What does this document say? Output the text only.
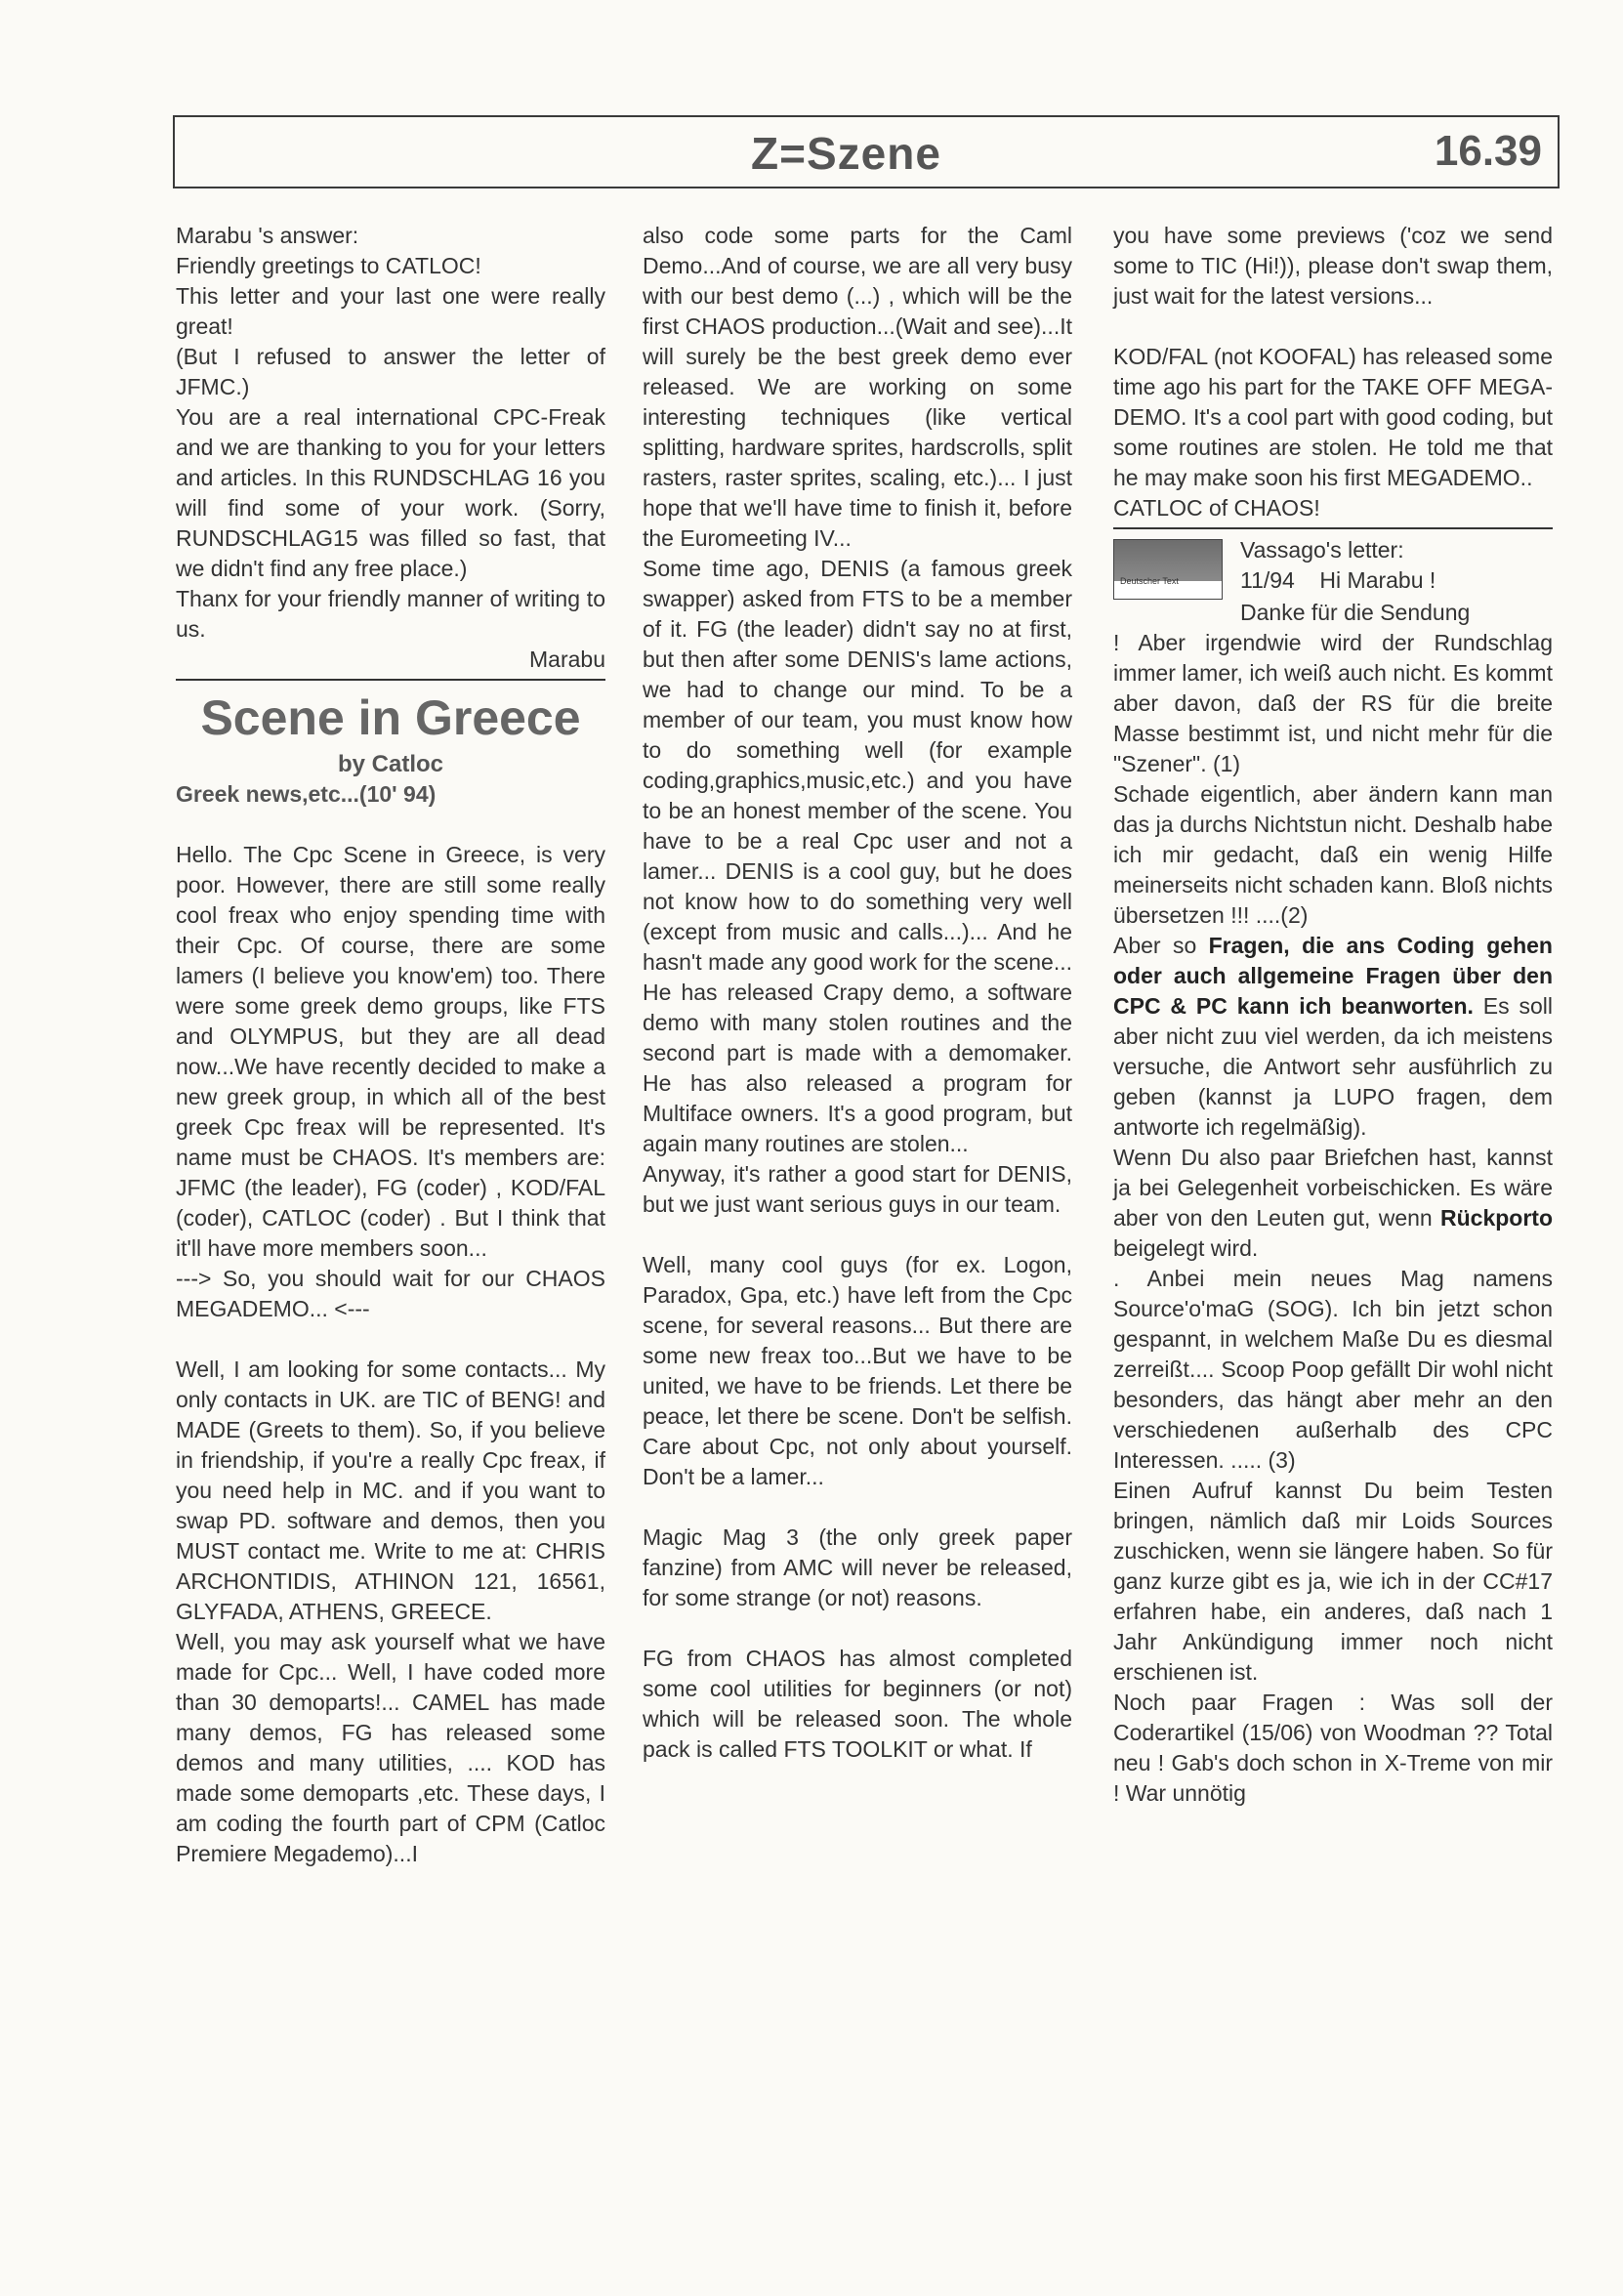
Z=Szene	16.39

Marabu 's answer:
Friendly greetings to CATLOC!
This letter and your last one were really great!
(But I refused to answer the letter of JFMC.)
You are a real international CPC-Freak and we are thanking to you for your letters and articles. In this RUNDSCHLAG 16 you will find some of your work. (Sorry, RUNDSCHLAG15 was filled so fast, that we didn't find any free place.)
Thanx for your friendly manner of writing to us.

Marabu

Scene in Greece
by Catloc
Greek news,etc...(10' 94)

Hello. The Cpc Scene in Greece, is very poor. However, there are still some really cool freax who enjoy spending time with their Cpc. Of course, there are some lamers (I believe you know'em) too. There were some greek demo groups, like FTS and OLYMPUS, but they are all dead now...We have recently decided to make a new greek group, in which all of the best greek Cpc freax will be represented. It's name must be CHAOS. It's members are: JFMC (the leader), FG (coder) , KOD/FAL (coder), CATLOC (coder) . But I think that it'll have more members soon...

---> So, you should wait for our CHAOS MEGADEMO... <---

Well, I am looking for some contacts... My only contacts in UK. are TIC of BENG! and MADE (Greets to them). So, if you believe in friendship, if you're a really Cpc freax, if you need help in MC. and if you want to swap PD. software and demos, then you MUST contact me. Write to me at: CHRIS ARCHONTIDIS, ATHINON 121, 16561, GLYFADA, ATHENS, GREECE.

Well, you may ask yourself what we have made for Cpc... Well, I have coded more than 30 demoparts!... CAMEL has made many demos, FG has released some demos and many utilities, .... KOD has made some demoparts ,etc. These days, I am coding the fourth part of CPM (Catloc Premiere Megademo)...I

also code some parts for the Caml Demo...And of course, we are all very busy with our best demo (...) , which will be the first CHAOS production...(Wait and see)...It will surely be the best greek demo ever released. We are working on some interesting techniques (like vertical splitting, hardware sprites, hardscrolls, split rasters, raster sprites, scaling, etc.)... I just hope that we'll have time to finish it, before the Euromeeting IV...

Some time ago, DENIS (a famous greek swapper) asked from FTS to be a member of it. FG (the leader) didn't say no at first, but then after some DENIS's lame actions, we had to change our mind. To be a member of our team, you must know how to do something well (for example coding,graphics,music,etc.) and you have to be an honest member of the scene. You have to be a real Cpc user and not a lamer... DENIS is a cool guy, but he does not know how to do something very well (except from music and calls...)... And he hasn't made any good work for the scene... He has released Crapy demo, a software demo with many stolen routines and the second part is made with a demomaker. He has also released a program for Multiface owners. It's a good program, but again many routines are stolen...

Anyway, it's rather a good start for DENIS, but we just want serious guys in our team.

Well, many cool guys (for ex. Logon, Paradox, Gpa, etc.) have left from the Cpc scene, for several reasons... But there are some new freax too...But we have to be united, we have to be friends. Let there be peace, let there be scene. Don't be selfish. Care about Cpc, not only about yourself. Don't be a lamer...

Magic Mag 3 (the only greek paper fanzine) from AMC will never be released, for some strange (or not) reasons.

FG from CHAOS has almost completed some cool utilities for beginners (or not) which will be released soon. The whole pack is called FTS TOOLKIT or what. If

you have some previews ('coz we send some to TIC (Hi!)), please don't swap them, just wait for the latest versions...

KOD/FAL (not KOOFAL) has released some time ago his part for the TAKE OFF MEGA-DEMO. It's a cool part with good coding, but some routines are stolen. He told me that he may make soon his first MEGADEMO..

CATLOC of CHAOS!

Deutscher Text
Vassago's letter:
11/94 Hi Marabu !

Danke für die Sendung

! Aber irgendwie wird der Rundschlag immer lamer, ich weiß auch nicht. Es kommt aber davon, daß der RS für die breite Masse bestimmt ist, und nicht mehr für die "Szener". (1)
Schade eigentlich, aber ändern kann man das ja durchs Nichtstun nicht. Deshalb habe ich mir gedacht, daß ein wenig Hilfe meinerseits nicht schaden kann. Bloß nichts übersetzen !!! ....(2)

Aber so Fragen, die ans Coding gehen oder auch allgemeine Fragen über den CPC & PC kann ich beanworten. Es soll aber nicht zuu viel werden, da ich meistens versuche, die Antwort sehr ausführlich zu geben (kannst ja LUPO fragen, dem antworte ich regelmäßig).

Wenn Du also paar Briefchen hast, kannst ja bei Gelegenheit vorbeischicken. Es wäre aber von den Leuten gut, wenn Rückporto beigelegt wird.

. Anbei mein neues Mag namens Source'o'maG (SOG). Ich bin jetzt schon gespannt, in welchem Maße Du es diesmal zerreißt.... Scoop Poop gefällt Dir wohl nicht besonders, das hängt aber mehr an den verschiedenen außerhalb des CPC Interessen. ..... (3)

Einen Aufruf kannst Du beim Testen bringen, nämlich daß mir Loids Sources zuschicken, wenn sie längere haben. So für ganz kurze gibt es ja, wie ich in der CC#17 erfahren habe, ein anderes, daß nach 1 Jahr Ankündigung immer noch nicht erschienen ist.

Noch paar Fragen : Was soll der Coderartikel (15/06) von Woodman ?? Total neu ! Gab's doch schon in X-Treme von mir ! War unnötig
